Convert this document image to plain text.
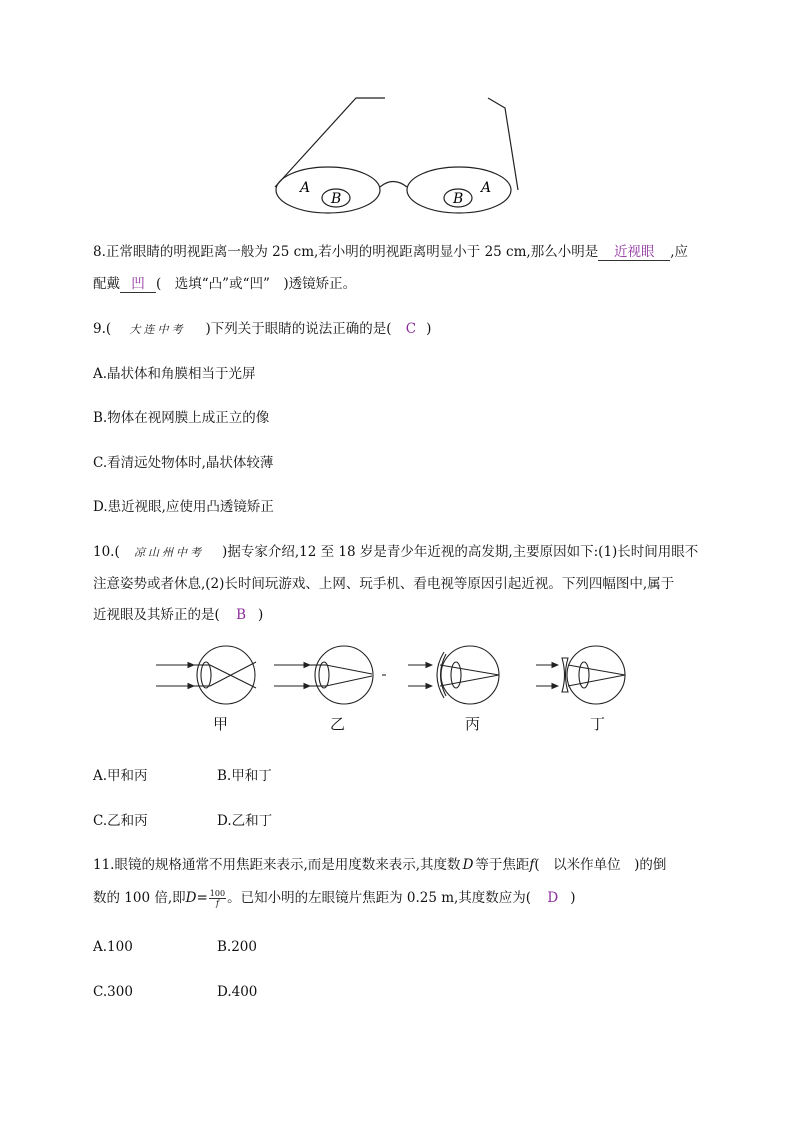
A
B	B
A
8.正常眼睛的明视距离一般为 25 cm,若小明的明视距离明显小于 25 cm,那么小明是 近视眼 ,应
配戴 凹 (　选填“凸”或“凹”　)透镜矫正。
9.( 大连中考 )下列关于眼睛的说法正确的是( C )
A.晶状体和角膜相当于光屏
B.物体在视网膜上成正立的像
C.看清远处物体时,晶状体较薄
D.患近视眼,应使用凸透镜矫正
10.( 凉山州中考 )据专家介绍,12 至 18 岁是青少年近视的高发期,主要原因如下:(1)长时间用眼不
注意姿势或者休息,(2)长时间玩游戏、上网、玩手机、看电视等原因引起近视。下列四幅图中,属于
近视眼及其矫正的是( B )
甲	乙	丙	丁
A.甲和丙	B.甲和丁
C.乙和丙	D.乙和丁
11.眼镜的规格通常不用焦距来表示,而是用度数来表示,其度数 D 等于焦距f(　以米作单位　)的倒
数的 100 倍,即$D= \frac{100}{f}$ 。已知小明的左眼镜片焦距为 0.25 m,其度数应为( D )
A.100	B.200
C.300	D.400
